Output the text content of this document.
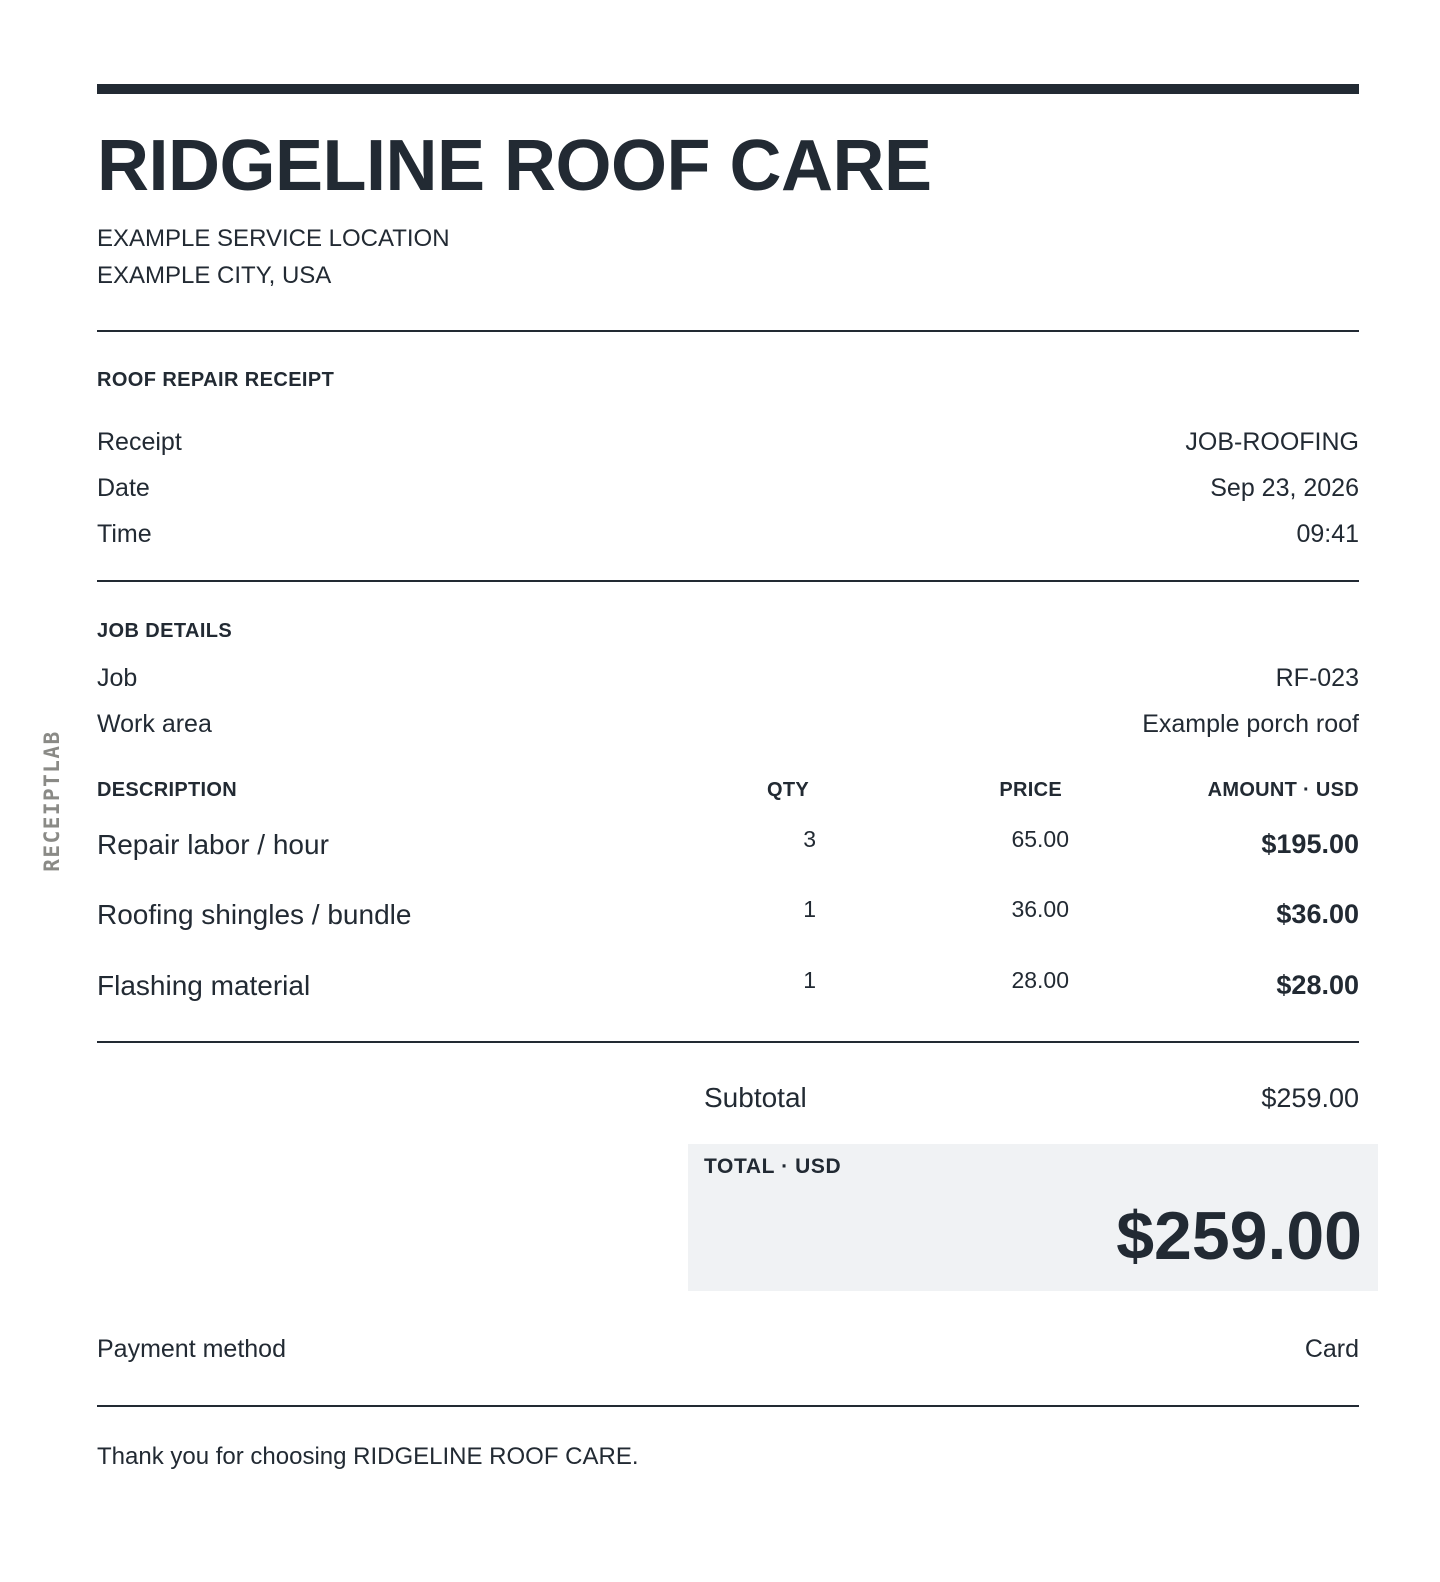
RIDGELINE ROOF CARE
EXAMPLE SERVICE LOCATION
EXAMPLE CITY, USA
ROOF REPAIR RECEIPT
Receipt	JOB-ROOFING
Date	Sep 23, 2026
Time	09:41
JOB DETAILS
Job	RF-023
Work area	Example porch roof
DESCRIPTION	QTY	PRICE	AMOUNT · USD
Repair labor / hour	3	65.00	$195.00
Roofing shingles / bundle	1	36.00	$36.00
Flashing material	1	28.00	$28.00
Subtotal	$259.00
TOTAL · USD
$259.00
Payment method	Card
Thank you for choosing RIDGELINE ROOF CARE.
RECEIPTLAB
